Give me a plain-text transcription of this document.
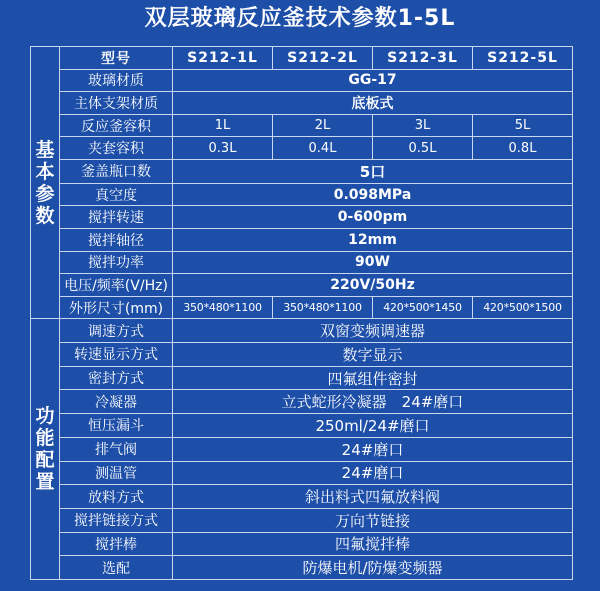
双层玻璃反应釜技术参数1-5L
基
本
参
数	型号	S212-1L	S212-2L	S212-3L	S212-5L
	玻璃材质	GG-17			
	主体支架材质	底板式			
	反应釜容积	1L	2L	3L	5L
	夹套容积	0.3L	0.4L	0.5L	0.8L
	釜盖瓶口数	5口			
	真空度	0.098MPa			
	搅拌转速	0-600pm			
	搅拌轴径	12mm			
	搅拌功率	90W			
	电压/频率(V/Hz)	220V/50Hz			
	外形尺寸(mm)	350*480*1100	350*480*1100	420*500*1450	420*500*1500

功
能
配
置	调速方式	双窗变频调速器			
	转速显示方式	数字显示			
	密封方式	四氟组件密封			
	冷凝器	立式蛇形冷凝器　24#磨口			
	恒压漏斗	250ml/24#磨口			
	排气阀	24#磨口			
	测温管	24#磨口			
	放料方式	斜出料式四氟放料阀			
	搅拌链接方式	万向节链接			
	搅拌棒	四氟搅拌棒			
	选配	防爆电机/防爆变频器			
